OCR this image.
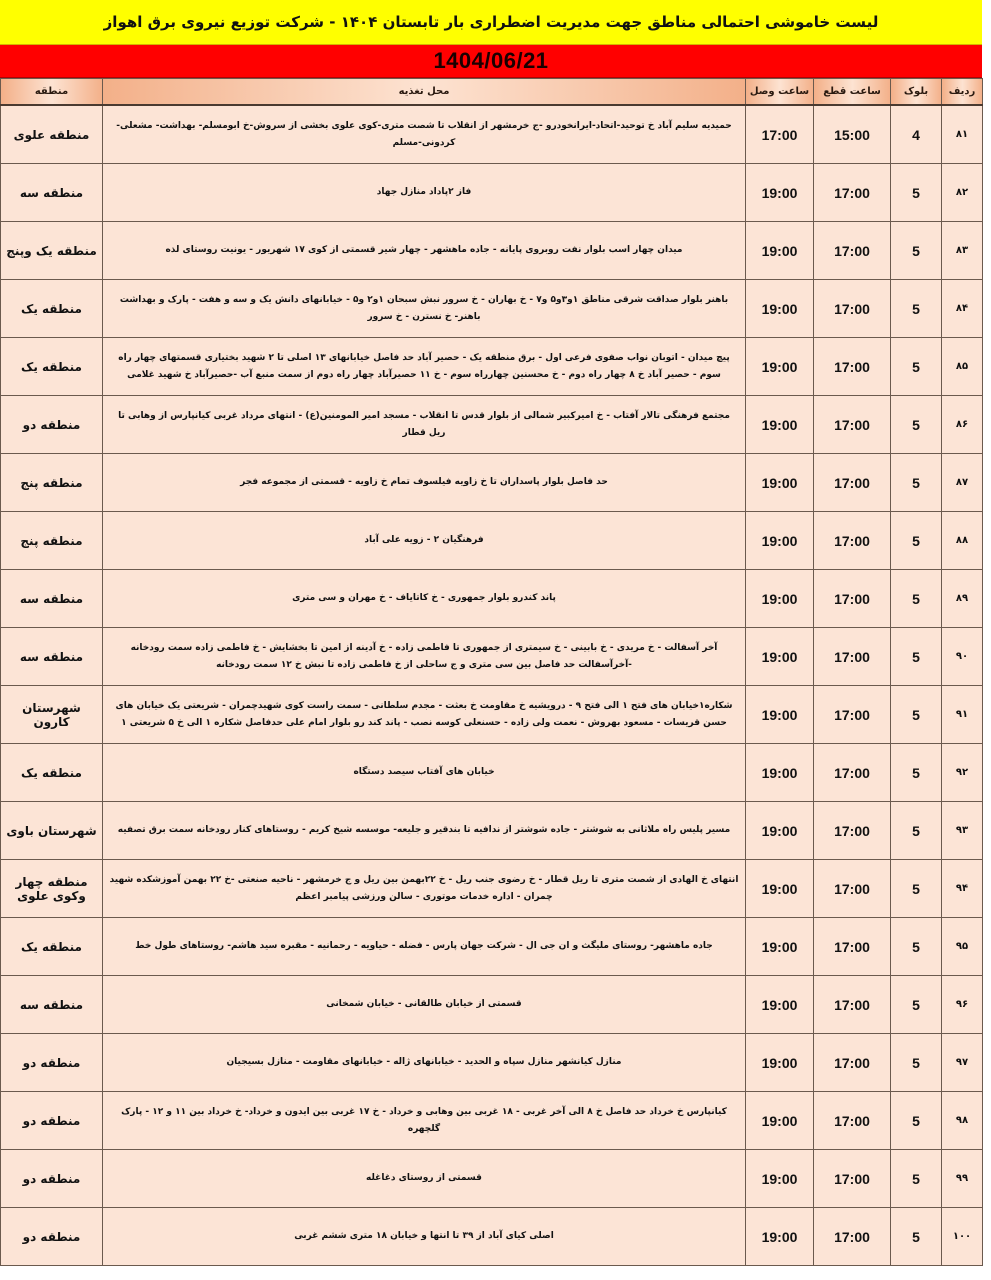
لیست خاموشی احتمالی مناطق جهت مدیریت اضطراری بار تابستان ۱۴۰۴ - شرکت توزیع نیروی برق اهواز
1404/06/21
ردیف	بلوک	ساعت قطع	ساعت وصل	محل تغذیه	منطقه
۸۱	4	15:00	17:00	حمیدیه سلیم آباد خ توحید-اتحاد-ایرانخودرو -ج خرمشهر از انقلاب تا شصت متری-کوی علوی بخشی از سروش-خ ابومسلم- بهداشت- مشعلی- کردونی-مسلم	منطقه علوی
۸۲	5	17:00	19:00	فاز ۲پاداد منازل جهاد	منطقه سه
۸۳	5	17:00	19:00	میدان چهار اسب بلوار نفت روبروی پایانه - جاده ماهشهر - چهار شیر قسمتی از کوی ۱۷ شهریور - یونیت روستای لذه	منطقه یک وپنج
۸۴	5	17:00	19:00	باهنر بلوار صداقت شرقی مناطق ۱و۳و۵ و۷ - خ بهاران - خ سرور نبش سبحان ۱و۲ و۵ - خیابانهای دانش یک و سه و هفت - پارک و بهداشت باهنر- خ نسترن - خ سرور	منطقه یک
۸۵	5	17:00	19:00	پیچ میدان - اتوبان نواب صفوی فرعی اول - برق منطقه یک - حصیر آباد حد فاصل خیابانهای ۱۳ اصلی تا ۲ شهید بختیاری قسمتهای چهار راه سوم - حصیر آباد خ ۸ چهار راه دوم - خ محسنین چهارراه سوم - خ ۱۱ حصیرآباد چهار راه دوم از سمت منبع آب -حصیرآباد خ شهید غلامی	منطقه یک
۸۶	5	17:00	19:00	مجتمع فرهنگی تالار آفتاب - خ امیرکبیر شمالی از بلوار قدس تا انقلاب - مسجد امیر المومنین(ع) - انتهای مرداد غربی کیانپارس از وهابی تا ریل قطار	منطقه دو
۸۷	5	17:00	19:00	حد فاصل بلوار پاسداران تا خ زاویه فیلسوف تمام خ زاویه - قسمتی از مجموعه فجر	منطقه پنج
۸۸	5	17:00	19:00	فرهنگیان ۲ - زویه علی آباد	منطقه پنج
۸۹	5	17:00	19:00	پاند کندرو بلوار جمهوری - خ کاتایاف - خ مهران و سی متری	منطقه سه
۹۰	5	17:00	19:00	آخر آسفالت - خ مریدی - خ بابینی - خ سیمتری از جمهوری تا فاطمی زاده - خ آدینه از امین تا بخشایش - خ فاطمی زاده سمت رودخانه -آخرآسفالت حد فاصل بین سی متری و ج ساحلی از خ فاطمی زاده تا نبش خ ۱۲ سمت رودخانه	منطقه سه
۹۱	5	17:00	19:00	شکاره۱خیابان های فتح ۱ الی فتح ۹ - درویشیه خ مقاومت خ بعثت - مجدم سلطانی - سمت راست کوی شهیدچمران - شریعتی یک خیابان های حسن قریسات - مسعود بهروش - نعمت ولی زاده - حسنعلی کوسه نصب - پاند کند رو بلوار امام علی حدفاصل شکاره ۱ الی خ ۵ شریعتی ۱	شهرستان کارون
۹۲	5	17:00	19:00	خیابان های آفتاب سیصد دستگاه	منطقه یک
۹۳	5	17:00	19:00	مسیر پلیس راه ملاثانی به شوشتر - جاده شوشتر از ندافیه تا بندقیر و جلیعه- موسسه شیخ کریم - روستاهای کنار رودخانه سمت برق تصفیه	شهرستان باوی
۹۴	5	17:00	19:00	انتهای خ الهادی از شصت متری تا ریل قطار - خ رضوی جنب ریل - خ ۲۲بهمن بین ریل و ج خرمشهر - ناحیه صنعتی -خ ۲۲ بهمن آموزشکده شهید چمران - اداره خدمات موتوری - سالن ورزشی پیامبر اعظم	منطقه چهار وکوی علوی
۹۵	5	17:00	19:00	جاده ماهشهر- روستای ملیگث و ان جی ال - شرکت جهان پارس - فضله - حیاویه - رحمانیه - مقبره سید هاشم- روستاهای طول خط	منطقه یک
۹۶	5	17:00	19:00	قسمتی از خیابان طالقانی - خیابان شمخانی	منطقه سه
۹۷	5	17:00	19:00	منازل کیانشهر منازل سپاه و الحدید - خیابانهای ژاله - خیابانهای مقاومت - منازل بسیجیان	منطقه دو
۹۸	5	17:00	19:00	کیانپارس خ خرداد حد فاصل خ ۸ الی آخر غربی - ۱۸ غربی بین وهابی و خرداد - خ ۱۷ غربی بین ایدون و خرداد- خ خرداد بین ۱۱ و ۱۲ - پارک گلچهره	منطقه دو
۹۹	5	17:00	19:00	قسمتی از روستای دغاغله	منطقه دو
۱۰۰	5	17:00	19:00	اصلی کیای آباد از ۳۹ تا انتها و خیابان ۱۸ متری ششم غربی	منطقه دو
